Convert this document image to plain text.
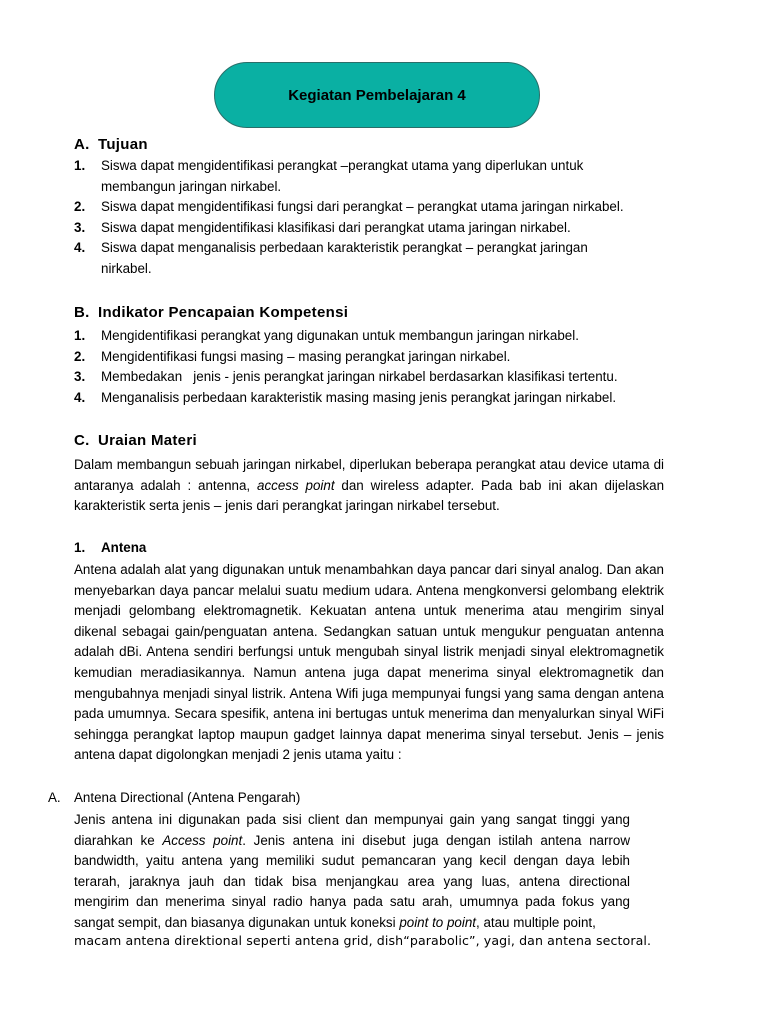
Kegiatan Pembelajaran 4
A. Tujuan
1.	Siswa dapat mengidentifikasi perangkat –perangkat utama yang diperlukan untuk membangun jaringan nirkabel.
2.	Siswa dapat mengidentifikasi fungsi dari perangkat – perangkat utama jaringan nirkabel.
3.	Siswa dapat mengidentifikasi klasifikasi dari perangkat utama jaringan nirkabel.
4.	Siswa dapat menganalisis perbedaan karakteristik perangkat – perangkat jaringan nirkabel.
B. Indikator Pencapaian Kompetensi
1.	Mengidentifikasi perangkat yang digunakan untuk membangun jaringan nirkabel.
2.	Mengidentifikasi fungsi masing – masing perangkat jaringan nirkabel.
3.	Membedakan   jenis - jenis perangkat jaringan nirkabel berdasarkan klasifikasi tertentu.
4.	Menganalisis perbedaan karakteristik masing masing jenis perangkat jaringan nirkabel.
C. Uraian Materi
Dalam membangun sebuah jaringan nirkabel, diperlukan beberapa perangkat atau device utama di antaranya adalah : antenna, access point dan wireless adapter. Pada bab ini akan dijelaskan karakteristik serta jenis – jenis dari perangkat jaringan nirkabel tersebut.
1. Antena
Antena adalah alat yang digunakan untuk menambahkan daya pancar dari sinyal analog. Dan akan menyebarkan daya pancar melalui suatu medium udara. Antena mengkonversi gelombang elektrik menjadi gelombang elektromagnetik. Kekuatan antena untuk menerima atau mengirim sinyal dikenal sebagai gain/penguatan antena. Sedangkan satuan untuk mengukur penguatan antenna adalah dBi. Antena sendiri berfungsi untuk mengubah sinyal listrik menjadi sinyal elektromagnetik kemudian meradiasikannya. Namun antena juga dapat menerima sinyal elektromagnetik dan mengubahnya menjadi sinyal listrik. Antena Wifi juga mempunyai fungsi yang sama dengan antena pada umumnya. Secara spesifik, antena ini bertugas untuk menerima dan menyalurkan sinyal WiFi sehingga perangkat laptop maupun gadget lainnya dapat menerima sinyal tersebut. Jenis – jenis antena dapat digolongkan menjadi 2 jenis utama yaitu :
A. Antena Directional (Antena Pengarah)
Jenis antena ini digunakan pada sisi client dan mempunyai gain yang sangat tinggi yang diarahkan ke Access point. Jenis antena ini disebut juga dengan istilah antena narrow bandwidth, yaitu antena yang memiliki sudut pemancaran yang kecil dengan daya lebih terarah, jaraknya jauh dan tidak bisa menjangkau area yang luas, antena directional mengirim dan menerima sinyal radio hanya pada satu arah, umumnya pada fokus yang sangat sempit, dan biasanya digunakan untuk koneksi point to point, atau multiple point,
macam antena direktional seperti antena grid, dish“parabolic”, yagi, dan antena sectoral.
